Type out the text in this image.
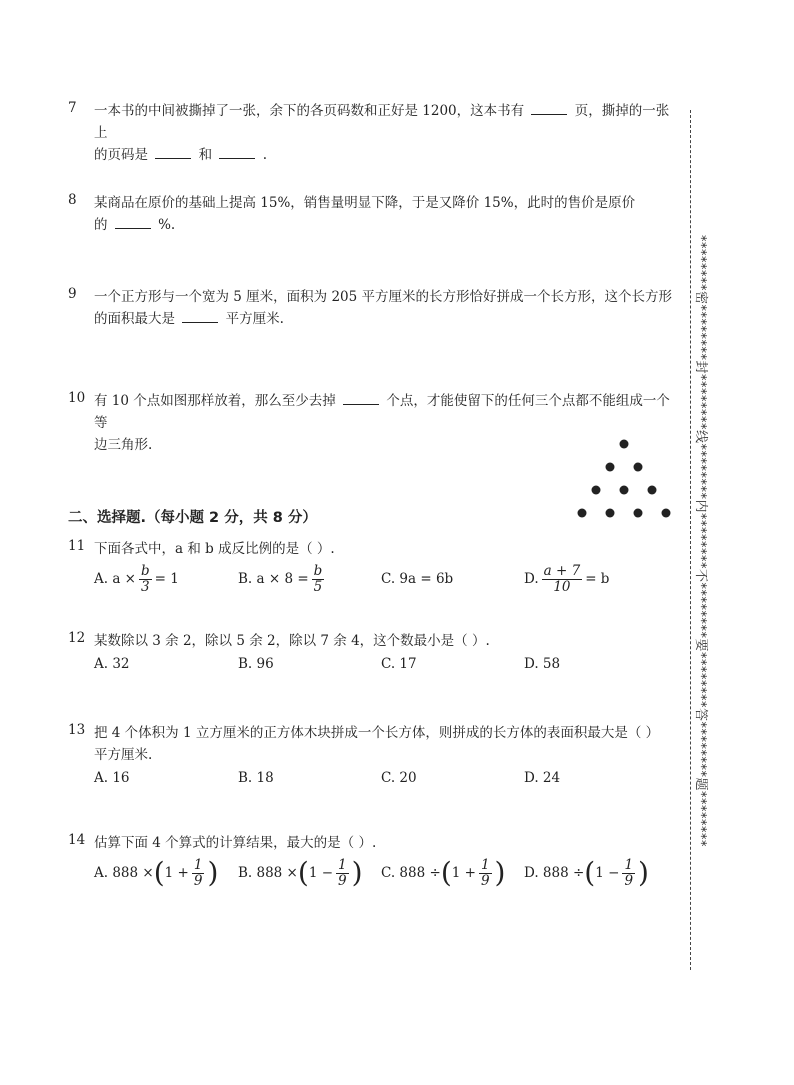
7	一本书的中间被撕掉了一张，余下的各页码数和正好是 1200，这本书有	页，撕掉的一张上
的页码是	和	.
8	某商品在原价的基础上提高 15%，销售量明显下降，于是又降价 15%，此时的售价是原价
的	%.
9	一个正方形与一个宽为 5 厘米，面积为 205 平方厘米的长方形恰好拼成一个长方形，这个长方形
的面积最大是	平方厘米.
10 有 10 个点如图那样放着，那么至少去掉	个点，才能使留下的任何三个点都不能组成一个等
边三角形.
二、选择题.（每小题 2 分，共 8 分）
11 下面各式中，a 和 b 成反比例的是（ ）.
A. $a \times \frac{b}{3} = 1$	B. $a \times 8 = \frac{b}{5}$	C. 9a = 6b	D. $\frac{a + 7}{10} = b$
12 某数除以 3 余 2，除以 5 余 2，除以 7 余 4，这个数最小是（ ）.
A. 32	B. 96	C. 17	D. 58
13 把 4 个体积为 1 立方厘米的正方体木块拼成一个长方体，则拼成的长方体的表面积最大是（ ）
平方厘米.
A. 16	B. 18	C. 20	D. 24
14 估算下面 4 个算式的计算结果，最大的是（ ）.
A. 888 × ( $1 + \frac{1}{9}$ ) B. 888 × ( $1 - \frac{1}{9}$ ) C. 888 ÷ ( $1 + \frac{1}{9}$ ) D. 888 ÷ ( $1 - \frac{1}{9}$ )
********密********封********线********内********不********要********答********题********
